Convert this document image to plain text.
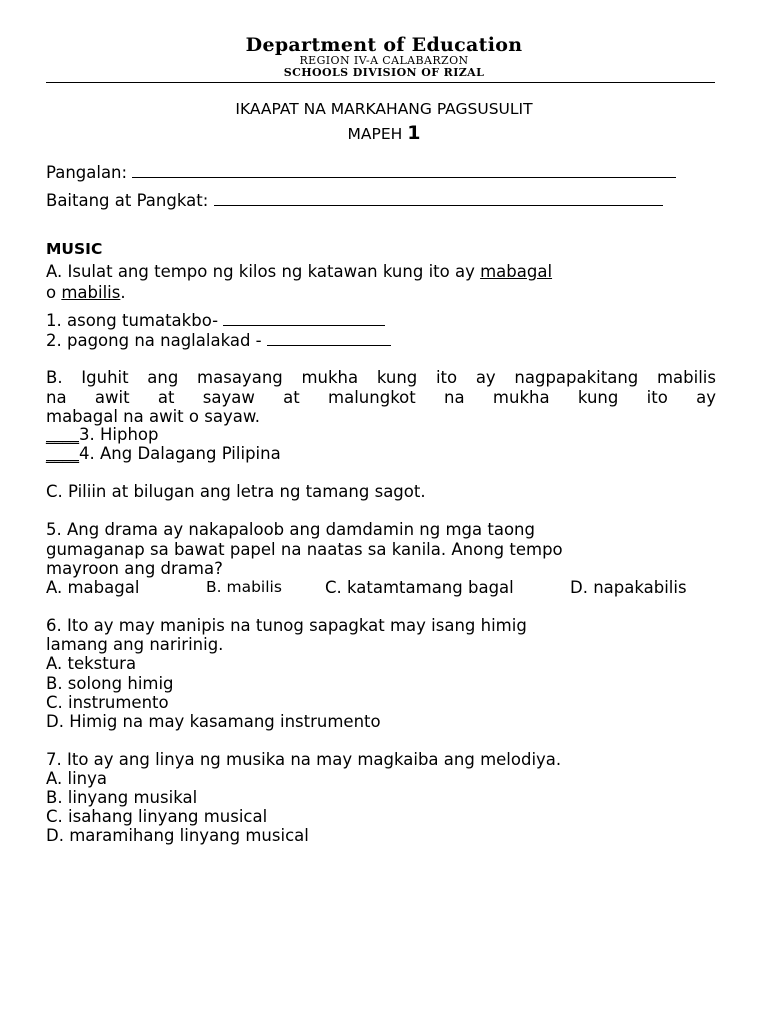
Department of Education
REGION IV-A CALABARZON
SCHOOLS DIVISION OF RIZAL
IKAAPAT NA MARKAHANG PAGSUSULIT
MAPEH 1
Pangalan:
Baitang at Pangkat:
MUSIC
A. Isulat ang tempo ng kilos ng katawan kung ito ay mabagal
o mabilis.
1. asong tumatakbo-
2. pagong na naglalakad -
B. Iguhit ang masayang mukha kung ito ay nagpapakitang mabilis
na awit at sayaw at malungkot na mukha kung ito ay
mabagal na awit o sayaw.
____3. Hiphop
____4. Ang Dalagang Pilipina
C. Piliin at bilugan ang letra ng tamang sagot.
5. Ang drama ay nakapaloob ang damdamin ng mga taong
gumaganap sa bawat papel na naatas sa kanila. Anong tempo
mayroon ang drama?
A. mabagal	B. mabilis	C. katamtamang bagal	D. napakabilis
6. Ito ay may manipis na tunog sapagkat may isang himig
lamang ang naririnig.
A. tekstura
B. solong himig
C. instrumento
D. Himig na may kasamang instrumento
7. Ito ay ang linya ng musika na may magkaiba ang melodiya.
A. linya
B. linyang musikal
C. isahang linyang musical
D. maramihang linyang musical
